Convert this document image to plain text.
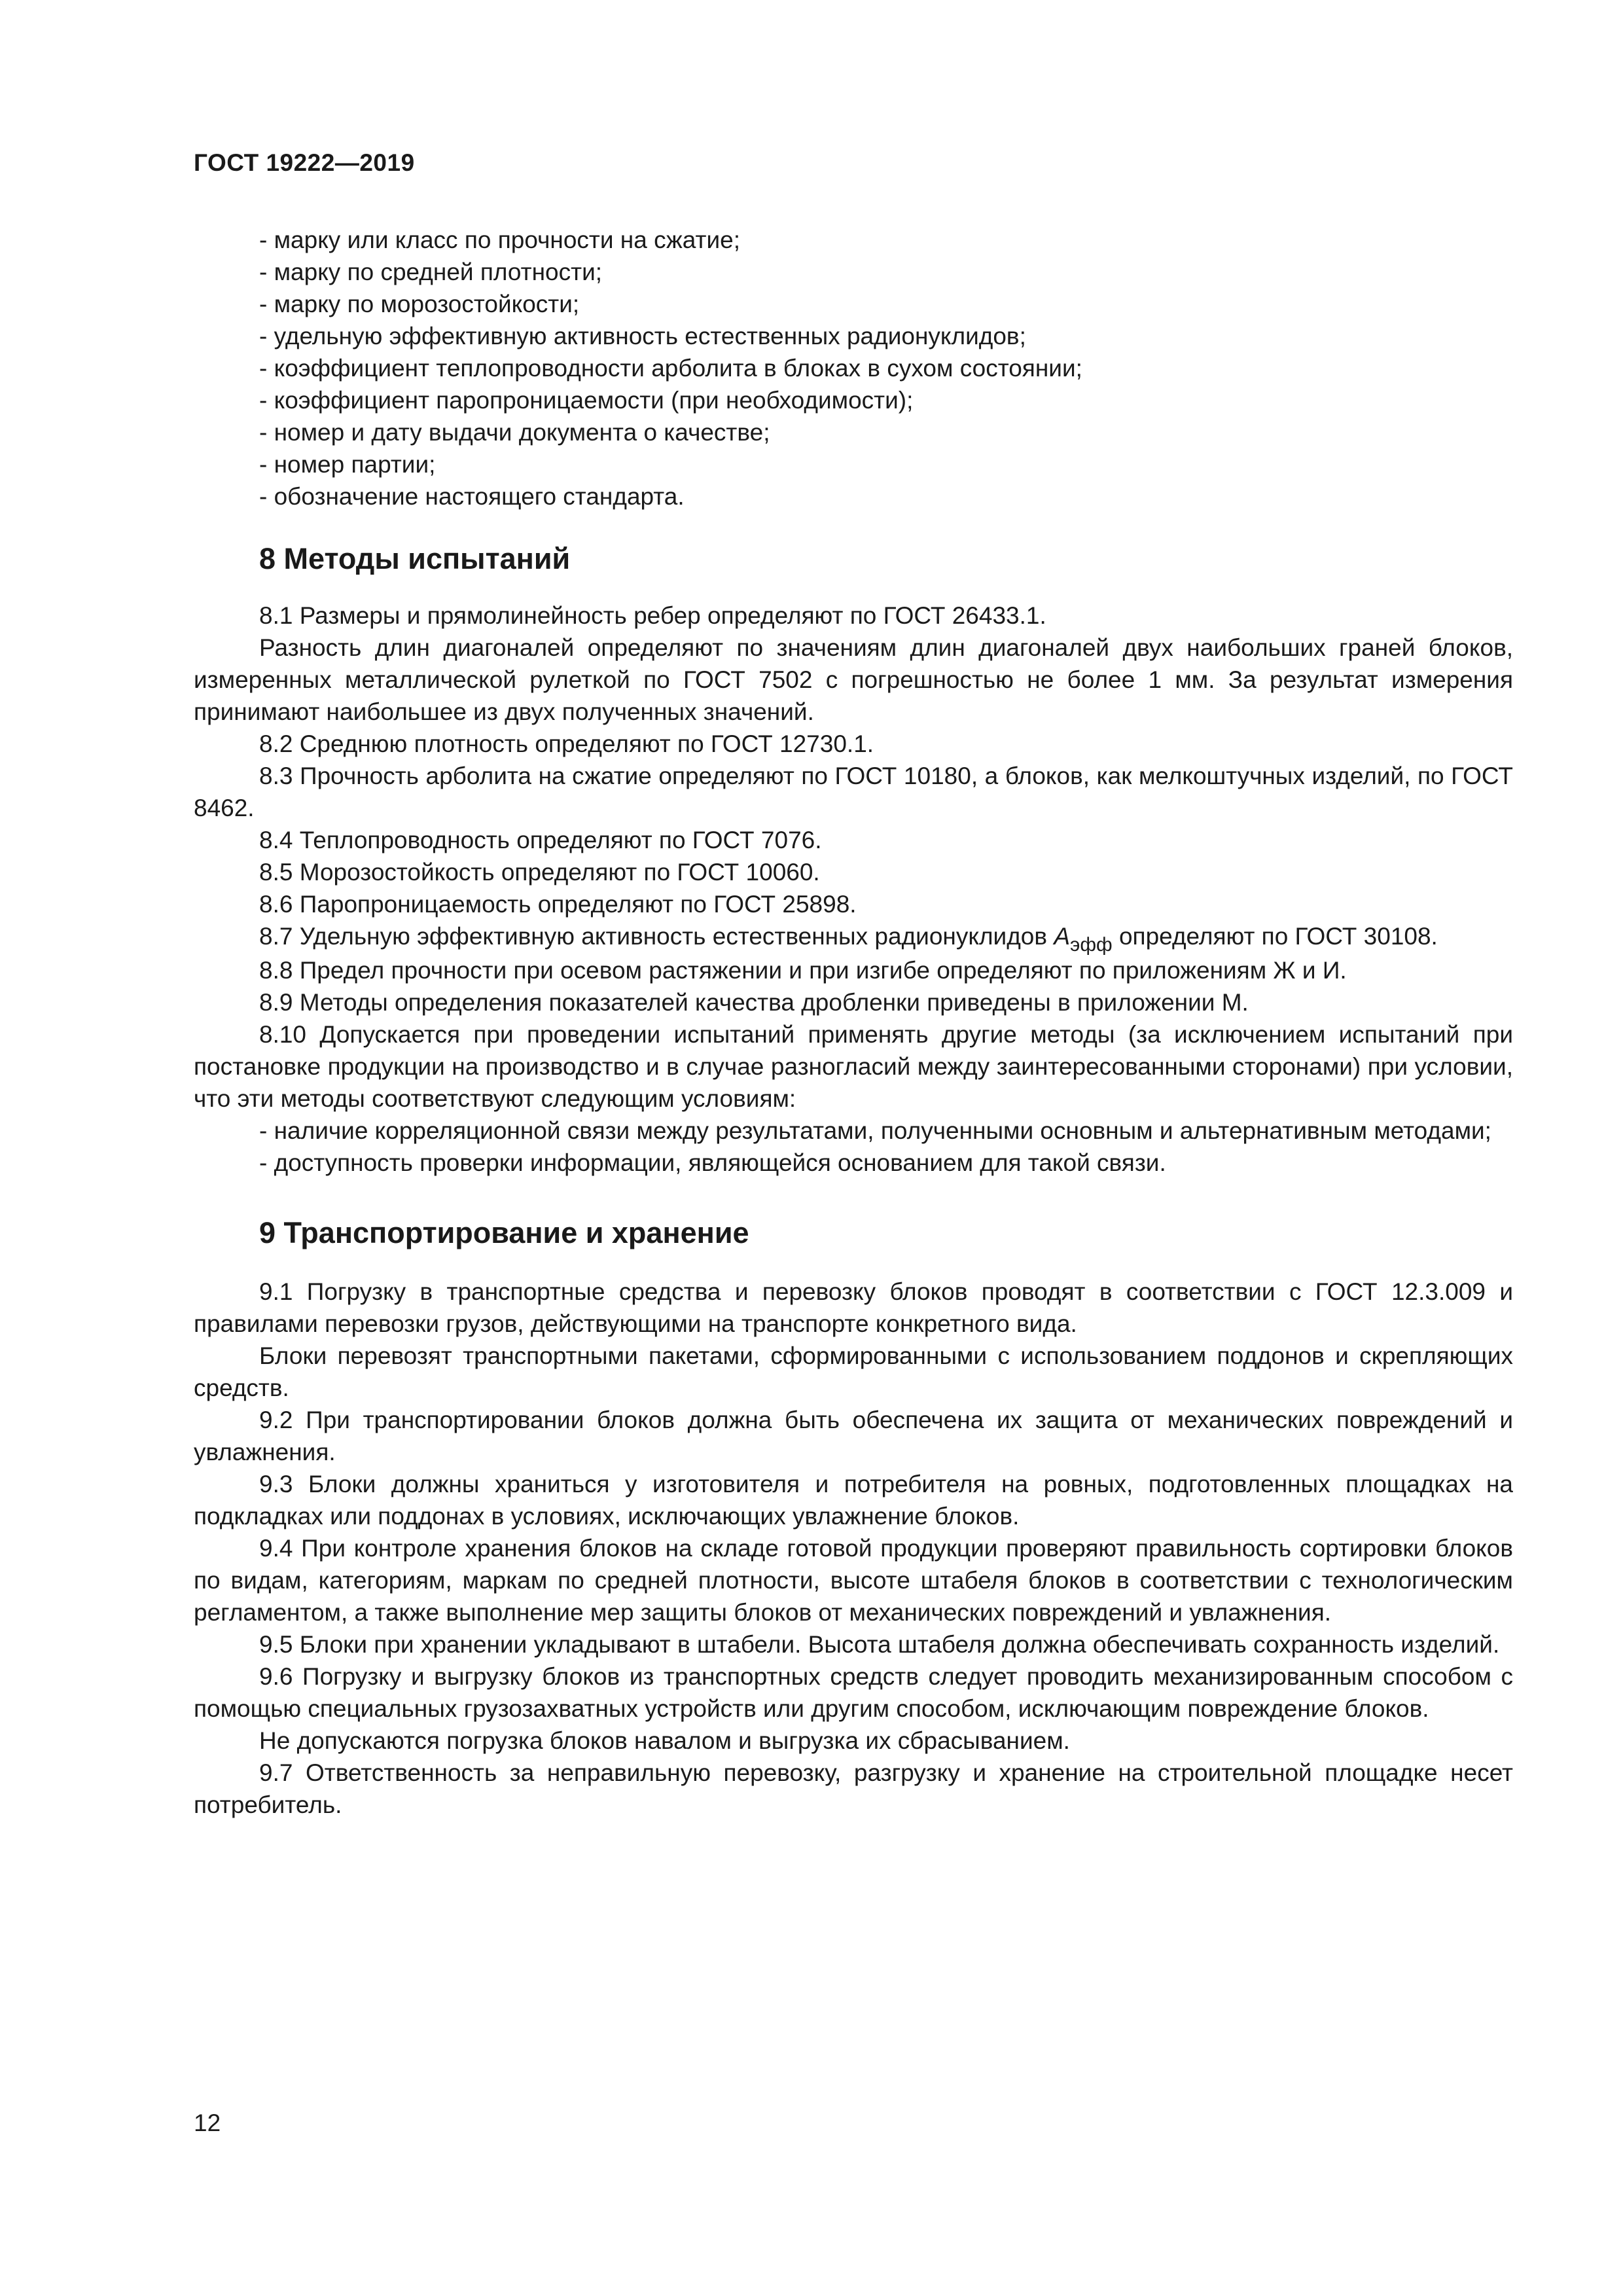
ГОСТ 19222—2019
- марку или класс по прочности на сжатие;
- марку по средней плотности;
- марку по морозостойкости;
- удельную эффективную активность естественных радионуклидов;
- коэффициент теплопроводности арболита в блоках в сухом состоянии;
- коэффициент паропроницаемости (при необходимости);
- номер и дату выдачи документа о качестве;
- номер партии;
- обозначение настоящего стандарта.
8 Методы испытаний

8.1 Размеры и прямолинейность ребер определяют по ГОСТ 26433.1.

Разность длин диагоналей определяют по значениям длин диагоналей двух наибольших граней блоков, измеренных металлической рулеткой по ГОСТ 7502 с погрешностью не более 1 мм. За результат измерения принимают наибольшее из двух полученных значений.

8.2 Среднюю плотность определяют по ГОСТ 12730.1.

8.3 Прочность арболита на сжатие определяют по ГОСТ 10180, а блоков, как мелкоштучных изделий, по ГОСТ 8462.

8.4 Теплопроводность определяют по ГОСТ 7076.

8.5 Морозостойкость определяют по ГОСТ 10060.

8.6 Паропроницаемость определяют по ГОСТ 25898.

8.7 Удельную эффективную активность естественных радионуклидов $A_{эфф}$ определяют по ГОСТ 30108.

8.8 Предел прочности при осевом растяжении и при изгибе определяют по приложениям Ж и И.

8.9 Методы определения показателей качества дробленки приведены в приложении М.

8.10 Допускается при проведении испытаний применять другие методы (за исключением испытаний при постановке продукции на производство и в случае разногласий между заинтересованными сторонами) при условии, что эти методы соответствуют следующим условиям:

- наличие корреляционной связи между результатами, полученными основным и альтернативным методами;

- доступность проверки информации, являющейся основанием для такой связи.

9 Транспортирование и хранение

9.1 Погрузку в транспортные средства и перевозку блоков проводят в соответствии с ГОСТ 12.3.009 и правилами перевозки грузов, действующими на транспорте конкретного вида.

Блоки перевозят транспортными пакетами, сформированными с использованием поддонов и скрепляющих средств.

9.2 При транспортировании блоков должна быть обеспечена их защита от механических повреждений и увлажнения.

9.3 Блоки должны храниться у изготовителя и потребителя на ровных, подготовленных площадках на подкладках или поддонах в условиях, исключающих увлажнение блоков.

9.4 При контроле хранения блоков на складе готовой продукции проверяют правильность сортировки блоков по видам, категориям, маркам по средней плотности, высоте штабеля блоков в соответствии с технологическим регламентом, а также выполнение мер защиты блоков от механических повреждений и увлажнения.

9.5 Блоки при хранении укладывают в штабели. Высота штабеля должна обеспечивать сохранность изделий.

9.6 Погрузку и выгрузку блоков из транспортных средств следует проводить механизированным способом с помощью специальных грузозахватных устройств или другим способом, исключающим повреждение блоков.

Не допускаются погрузка блоков навалом и выгрузка их сбрасыванием.

9.7 Ответственность за неправильную перевозку, разгрузку и хранение на строительной площадке несет потребитель.

12
